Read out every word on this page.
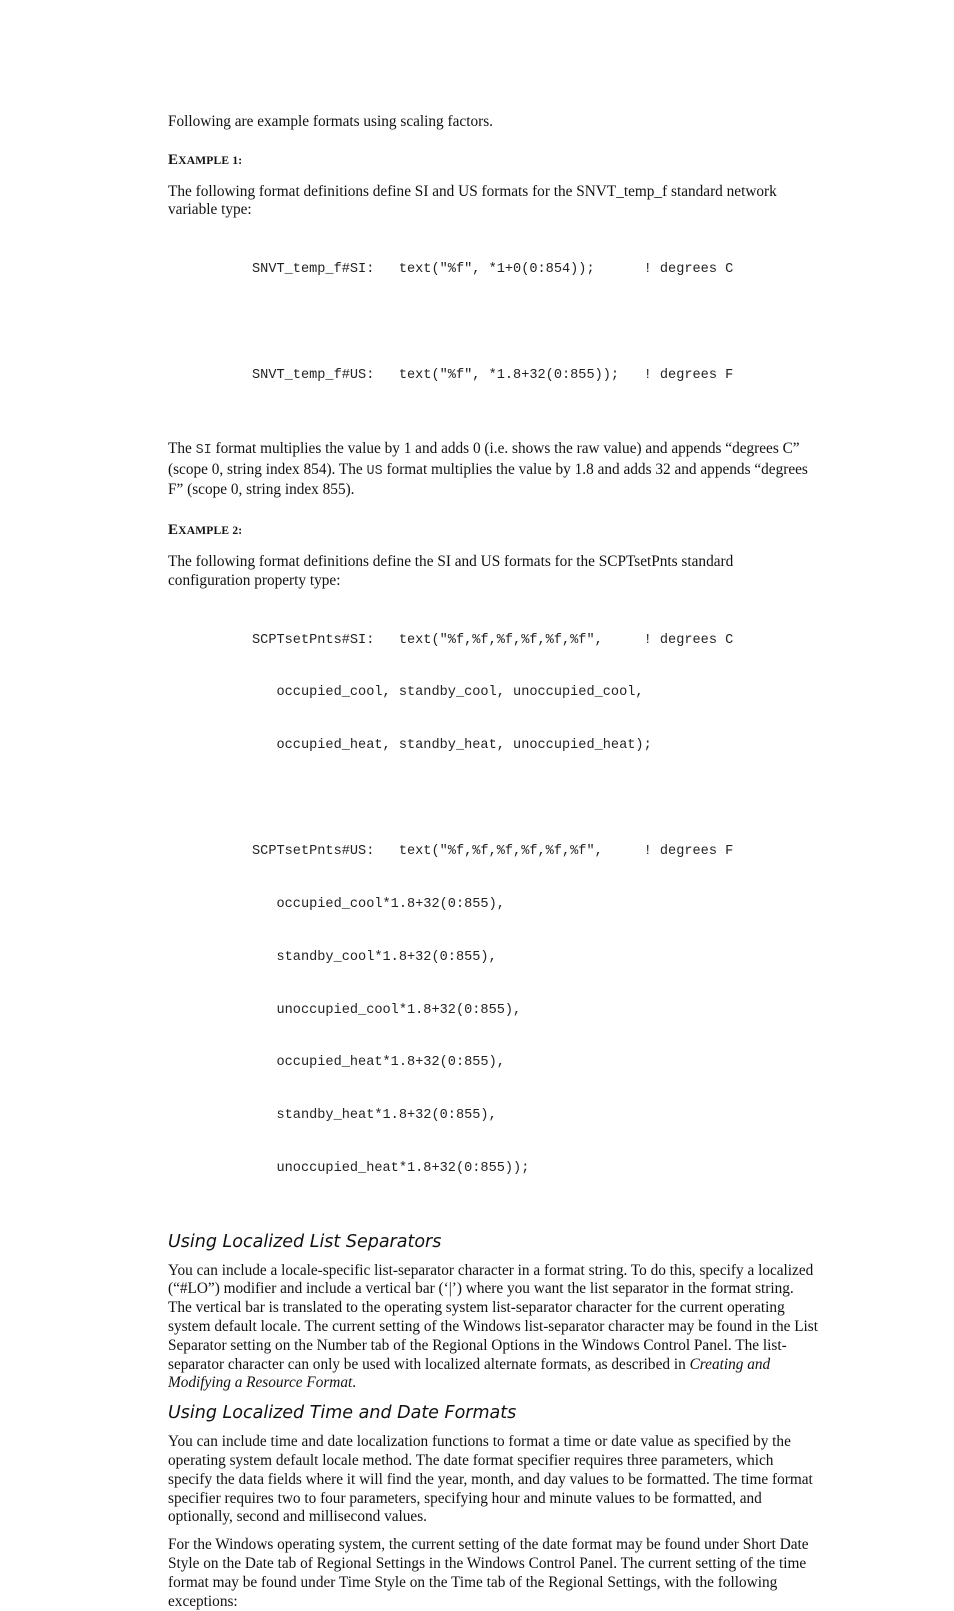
Following are example formats using scaling factors.

EXAMPLE 1:

The following format definitions define SI and US formats for the SNVT_temp_f standard network variable type:

SNVT_temp_f#SI:   text("%f", *1+0(0:854));      ! degrees C

SNVT_temp_f#US:   text("%f", *1.8+32(0:855));   ! degrees F

The SI format multiplies the value by 1 and adds 0 (i.e. shows the raw value) and appends “degrees C” (scope 0, string index 854). The US format multiplies the value by 1.8 and adds 32 and appends “degrees F” (scope 0, string index 855).

EXAMPLE 2:

The following format definitions define the SI and US formats for the SCPTsetPnts standard configuration property type:

SCPTsetPnts#SI:   text("%f,%f,%f,%f,%f,%f",     ! degrees C

occupied_cool, standby_cool, unoccupied_cool,

occupied_heat, standby_heat, unoccupied_heat);

SCPTsetPnts#US:   text("%f,%f,%f,%f,%f,%f",     ! degrees F

occupied_cool*1.8+32(0:855),

standby_cool*1.8+32(0:855),

unoccupied_cool*1.8+32(0:855),

occupied_heat*1.8+32(0:855),

standby_heat*1.8+32(0:855),

unoccupied_heat*1.8+32(0:855));

Using Localized List Separators

You can include a locale-specific list-separator character in a format string. To do this, specify a localized (“#LO”) modifier and include a vertical bar (‘|’) where you want the list separator in the format string. The vertical bar is translated to the operating system list-separator character for the current operating system default locale. The current setting of the Windows list-separator character may be found in the List Separator setting on the Number tab of the Regional Options in the Windows Control Panel. The list-separator character can only be used with localized alternate formats, as described in Creating and Modifying a Resource Format.

Using Localized Time and Date Formats

You can include time and date localization functions to format a time or date value as specified by the operating system default locale method. The date format specifier requires three parameters, which specify the data fields where it will find the year, month, and day values to be formatted. The time format specifier requires two to four parameters, specifying hour and minute values to be formatted, and optionally, second and millisecond values.

For the Windows operating system, the current setting of the date format may be found under Short Date Style on the Date tab of Regional Settings in the Windows Control Panel. The current setting of the time format may be found under Time Style on the Time tab of the Regional Settings, with the following exceptions:
